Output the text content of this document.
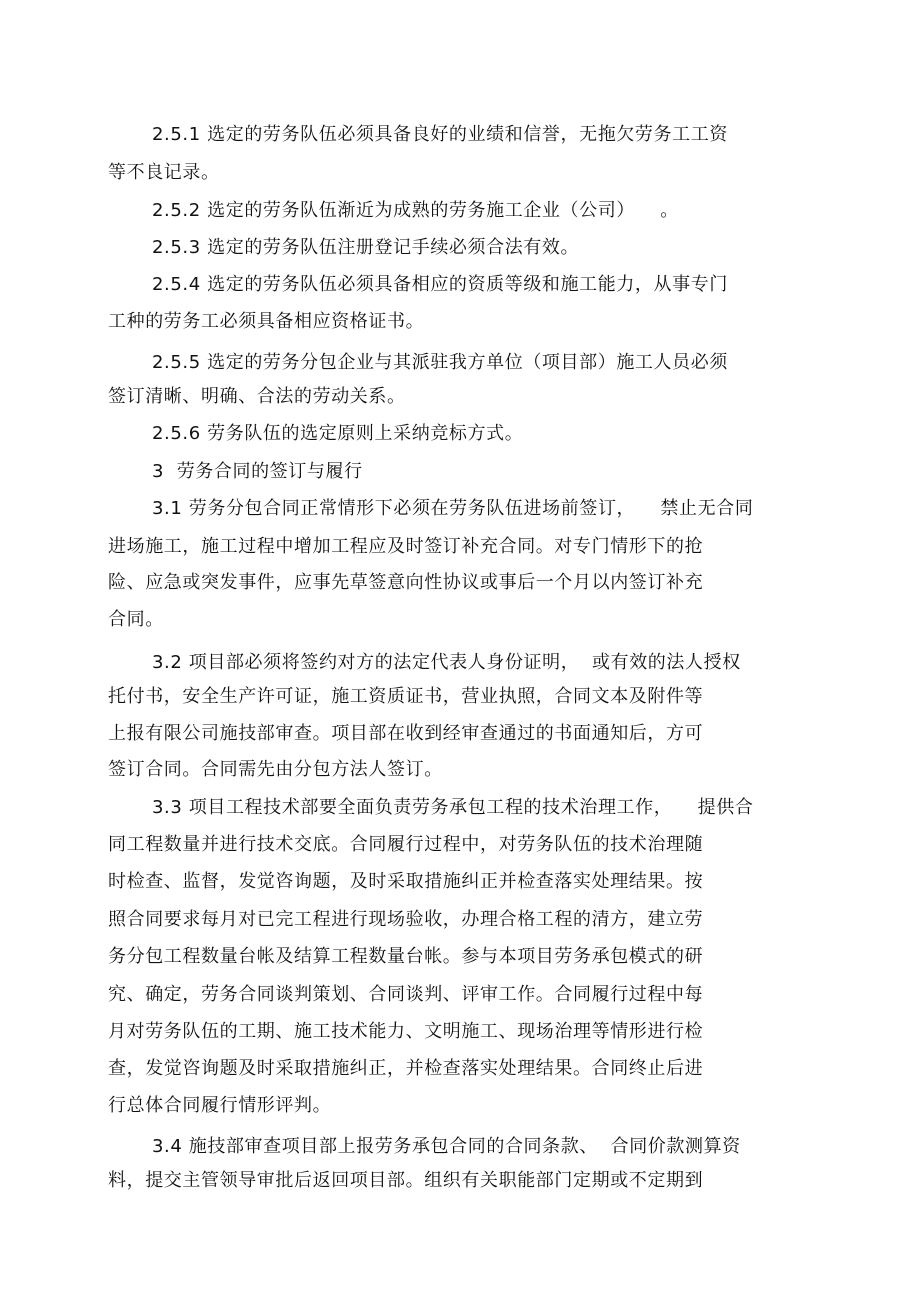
2.5.1 选定的劳务队伍必须具备良好的业绩和信誉，无拖欠劳务工工资
等不良记录。
2.5.2 选定的劳务队伍渐近为成熟的劳务施工企业（公司）    。
2.5.3 选定的劳务队伍注册登记手续必须合法有效。
2.5.4 选定的劳务队伍必须具备相应的资质等级和施工能力，从事专门
工种的劳务工必须具备相应资格证书。
2.5.5 选定的劳务分包企业与其派驻我方单位（项目部）施工人员必须
签订清晰、明确、合法的劳动关系。
2.5.6 劳务队伍的选定原则上采纳竞标方式。
3  劳务合同的签订与履行
3.1 劳务分包合同正常情形下必须在劳务队伍进场前签订，    禁止无合同
进场施工，施工过程中增加工程应及时签订补充合同。对专门情形下的抢
险、应急或突发事件，应事先草签意向性协议或事后一个月以内签订补充
合同。
3.2 项目部必须将签约对方的法定代表人身份证明，  或有效的法人授权
托付书，安全生产许可证，施工资质证书，营业执照，合同文本及附件等
上报有限公司施技部审查。项目部在收到经审查通过的书面通知后，方可
签订合同。合同需先由分包方法人签订。
3.3 项目工程技术部要全面负责劳务承包工程的技术治理工作，    提供合
同工程数量并进行技术交底。合同履行过程中，对劳务队伍的技术治理随
时检查、监督，发觉咨询题，及时采取措施纠正并检查落实处理结果。按
照合同要求每月对已完工程进行现场验收，办理合格工程的清方，建立劳
务分包工程数量台帐及结算工程数量台帐。参与本项目劳务承包模式的研
究、确定，劳务合同谈判策划、合同谈判、评审工作。合同履行过程中每
月对劳务队伍的工期、施工技术能力、文明施工、现场治理等情形进行检
查，发觉咨询题及时采取措施纠正，并检查落实处理结果。合同终止后进
行总体合同履行情形评判。
3.4 施技部审查项目部上报劳务承包合同的合同条款、  合同价款测算资
料，提交主管领导审批后返回项目部。组织有关职能部门定期或不定期到
